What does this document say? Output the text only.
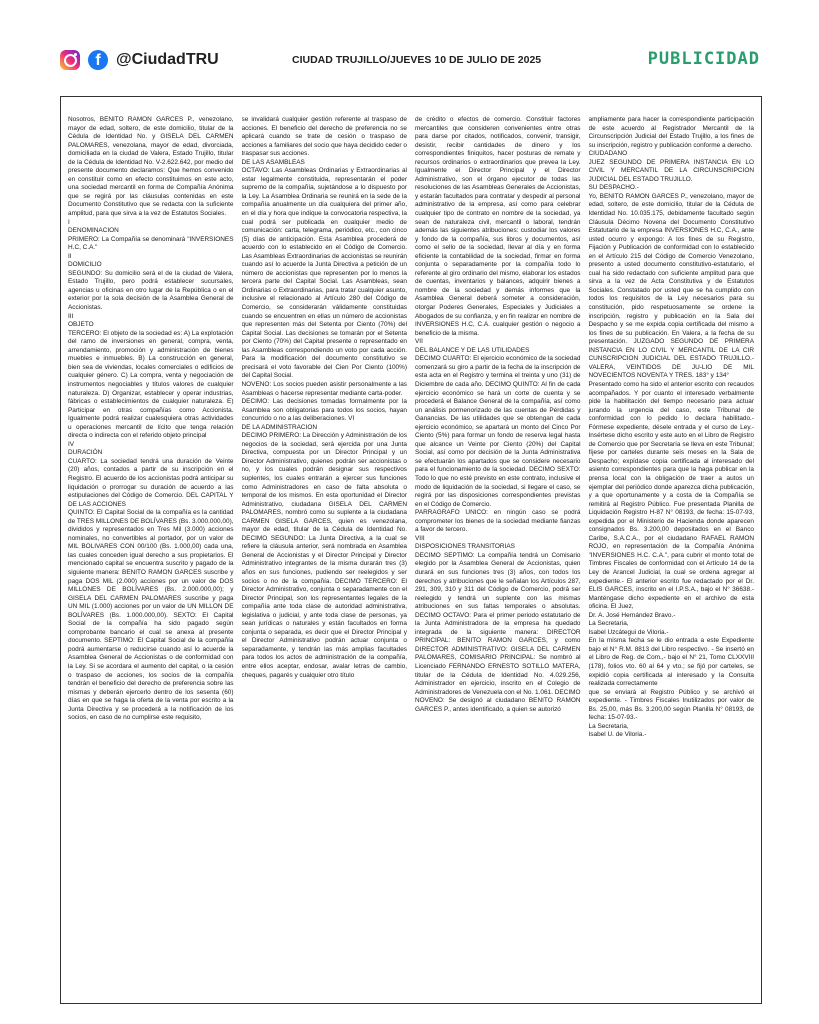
f @CiudadTRU	CIUDAD TRUJILLO/JUEVES 10 DE JULIO DE 2025	PUBLICIDAD

Nosotros, BENITO RAMON GARCES P., venezolano, mayor de edad, soltero, de este domicilio, titular de la Cédula de Identidad No. y GISELA DEL CARMEN PALOMARES, venezolana, mayor de edad, divorciada, domiciliada en la ciudad de Valera, Estado Trujillo, titular de la Cédula de Identidad No. V-2.622.642, por medio del presente documento declaramos: Que hemos convenido en constituir como en efecto constituimos en este acto, una sociedad mercantil en forma de Compañía Anónima que se regirá por las cláusulas contenidas en este Documento Constitutivo que se redacta con la suficiente amplitud, para que sirva a la vez de Estatutos Sociales.

I

DENOMINACION

PRIMERO: La Compañía se denominará "INVERSIONES H.C, C.A."

II

DOMICILIO

SEGUNDO: Su domicilio será el de la ciudad de Valera, Estado Trujillo, pero podrá establecer sucursales, agencias u oficinas en otro lugar de la República o en el exterior por la sola decisión de la Asamblea General de Accionistas.

III

OBJETO

TERCERO: El objeto de la sociedad es: A) La explotación del ramo de inversiones en general, compra, venta, arrendamiento, promoción y administración de bienes muebles e inmuebles. B) La construcción en general, bien sea de viviendas, locales comerciales o edificios de cualquier género. C) La compra, venta y negociación de instrumentos negociables y títulos valores de cualquier naturaleza. D) Organizar, establecer y operar industrias, fábricas o establecimientos de cualquier naturaleza. E) Participar en otras compañías como Accionista. Igualmente podrá realizar cualesquiera otras actividades u operaciones mercantil de lícito que tenga relación directa o indirecta con el referido objeto principal

IV

DURACIÓN

CUARTO: La sociedad tendrá una duración de Veinte (20) años, contados a partir de su inscripción en el Registro. El acuerdo de los accionistas podrá anticipar su liquidación o prorrogar su duración de acuerdo a las estipulaciones del Código de Comercio. DEL CAPITAL Y DE LAS ACCIONES

QUINTO: El Capital Social de la compañía es la cantidad de TRES MILLONES DE BOLÍVARES (Bs. 3.000.000,00), divididos y representados en Tres Mil (3.000) acciones nominales, no convertibles al portador, por un valor de MIL BOLIVARES CON 00/100 (Bs. 1.000,00) cada una, las cuales conceden igual derecho a sus propietarios. El mencionado capital se encuentra suscrito y pagado de la siguiente manera: BENITO RAMON GARCES suscribe y paga DOS MIL (2.000) acciones por un valor de DOS MILLONES DE BOLÍVARES (Bs. 2.000.000,00); y GISELA DEL CARMEN PALOMARES suscribe y paga UN MIL (1.000) acciones por un valor de UN MILLON DE BOLÍVARES (Bs. 1.000.000,00). SEXTO: El Capital Social de la compañía ha sido pagado según comprobante bancario el cual se anexa al presente documento. SEPTIMO: El Capital Social de la compañía podrá aumentarse o reducirse cuando así lo acuerde la Asamblea General de Accionistas o de conformidad con la Ley. Si se acordara el aumento del capital, o la cesión o traspaso de acciones, los socios de la compañía tendrán el beneficio del derecho de preferencia sobre las mismas y deberán ejercerlo dentro de los sesenta (60) días en que se haga la oferta de la venta por escrito a la Junta Directiva y se procederá a la notificación de los socios, en caso de no cumplirse este requisito,

se invalidará cualquier gestión referente al traspaso de acciones. El beneficio del derecho de preferencia no se aplicará cuando se trate de cesión o traspaso de acciones a familiares del socio que haya decidido ceder o traspasar sus acciones.

DE LAS ASAMBLEAS

OCTAVO: Las Asambleas Ordinarias y Extraordinarias al estar legalmente constituida, representarán el poder supremo de la compañía, sujetándose a lo dispuesto por la Ley. La Asamblea Ordinaria se reunirá en la sede de la compañía anualmente un día cualquiera del primer año, en el día y hora que indique la convocatoria respectiva, la cual podrá ser publicada en cualquier medio de comunicación: carta, telegrama, periódico, etc., con cinco (5) días de anticipación. Esta Asamblea procederá de acuerdo con lo establecido en el Código de Comercio. Las Asambleas Extraordinarias de accionistas se reunirán cuando así lo acuerde la Junta Directiva a petición de un número de accionistas que representen por lo menos la tercera parte del Capital Social. Las Asambleas, sean Ordinarias o Extraordinarias, para tratar cualquier asunto, inclusive el relacionado al Artículo 280 del Código de Comercio, se considerarán válidamente constituidas cuando se encuentren en ellas un número de accionistas que representen más del Setenta por Ciento (70%) del Capital Social. Las decisiones se tomarán por el Setenta por Ciento (70%) del Capital presente o representado en las Asambleas correspondiendo un voto por cada acción. Para la modificación del documento constitutivo se precisará el voto favorable del Cien Por Ciento (100%) del Capital Social.

NOVENO: Los socios pueden asistir personalmente a las Asambleas o hacerse representar mediante carta-poder.

DECIMO: Las decisiones tomadas formalmente por la Asamblea son obligatorias para todos los socios, hayan concurrido o no a las deliberaciones. VI

DE LA ADMINISTRACION

DECIMO PRIMERO: La Dirección y Administración de los negocios de la sociedad, será ejercida por una Junta Directiva, compuesta por un Director Principal y un Director Administrativo, quienes podrán ser accionistas o no, y los cuales podrán designar sus respectivos suplentes, los cuales entrarán a ejercer sus funciones como Administradores en caso de falta absoluta o temporal de los mismos. En esta oportunidad el Director Administrativo, ciudadana GISELA DEL CARMEN PALOMARES, nombró como su suplente a la ciudadana CARMEN GISELA GARCES, quien es venezolana, mayor de edad, titular de la Cédula de Identidad No. DECIMO SEGUNDO: La Junta Directiva, a la cual se refiere la cláusula anterior, será nombrada en Asamblea General de Accionistas y el Director Principal y Director Administrativo integrantes de la misma durarán tres (3) años en sus funciones, pudiendo ser reelegidos y ser socios o no de la compañía. DECIMO TERCERO: El Director Administrativo, conjunta o separadamente con el Director Principal, son los representantes legales de la compañía ante toda clase de autoridad administrativa, legislativa o judicial, y ante toda clase de personas, ya sean jurídicas o naturales y están facultados en forma conjunta o separada, es decir que el Director Principal y el Director Administrativo podrán actuar conjunta o separadamente, y tendrán las más amplias facultades para todos los actos de administración de la compañía, entre ellos aceptar, endosar, avalar letras de cambio, cheques, pagarés y cualquier otro título

de crédito o efectos de comercio. Constituir factores mercantiles que consideren convenientes entre otras para darse por citados, notificados, convenir, transigir, desistir, recibir cantidades de dinero y los correspondientes finiquitos, hacer posturas de remate y recursos ordinarios o extraordinarios que prevea la Ley. Igualmente el Director Principal y el Director Administrativo, son el órgano ejecutor de todas las resoluciones de las Asambleas Generales de Accionistas, y estarán facultados para contratar y despedir al personal administrativo de la empresa, así como para celebrar cualquier tipo de contrato en nombre de la sociedad, ya sean de naturaleza civil, mercantil o laboral, tendrán además las siguientes atribuciones: custodiar los valores y fondo de la compañía, sus libros y documentos, así como el sello de la sociedad, llevar al día y en forma eficiente la contabilidad de la sociedad, firmar en forma conjunta o separadamente por la compañía todo lo referente al giro ordinario del mismo, elaborar los estados de cuentas, inventarios y balances, adquirir bienes a nombre de la sociedad y demás informes que la Asamblea General deberá someter a consideración, otorgar Poderes Generales, Especiales y Judiciales a Abogados de su confianza, y en fin realizar en nombre de INVERSIONES H.C, C.A. cualquier gestión o negocio a beneficio de la misma.

VII

DEL BALANCE Y DE LAS UTILIDADES

DECIMO CUARTO: El ejercicio económico de la sociedad comenzará su giro a partir de la fecha de la inscripción de esta acta en el Registro y termina el treinta y uno (31) de Diciembre de cada año. DECIMO QUINTO: Al fin de cada ejercicio económico se hará un corte de cuenta y se procederá el Balance General de la compañía, así como un análisis pormenorizado de las cuentas de Pérdidas y Ganancias. De las utilidades que se obtengan de cada ejercicio económico, se apartará un monto del Cinco Por Ciento (5%) para formar un fondo de reserva legal hasta que alcance un Veinte por Ciento (20%) del Capital Social, así como por decisión de la Junta Administrativa se efectuarán los apartados que se considere necesario para el funcionamiento de la sociedad. DECIMO SEXTO: Todo lo que no esté previsto en este contrato, inclusive el modo de liquidación de la sociedad, si llegare el caso, se regirá por las disposiciones correspondientes previstas en el Código de Comercio.

PARRAGRAFO UNICO: en ningún caso se podrá comprometer los bienes de la sociedad mediante fianzas a favor de tercero.

VIII

DISPOSICIONES TRANSITORIAS

DECIMO SEPTIMO: La compañía tendrá un Comisario elegido por la Asamblea General de Accionistas, quien durará en sus funciones tres (3) años, con todos los derechos y atribuciones que le señalan los Artículos 287, 291, 309, 310 y 311 del Código de Comercio, podrá ser reelegido y tendrá un suplente con las mismas atribuciones en sus faltas temporales o absolutas. DECIMO OCTAVO: Para el primer periodo estatutario de la Junta Administradora de la empresa ha quedado integrada de la siguiente manera: DIRECTOR PRINCIPAL: BENITO RAMON GARCES, y como DIRECTOR ADMINISTRATIVO: GISELA DEL CARMEN PALOMARES, COMISARIO PRINCIPAL: Se nombró al Licenciado FERNANDO ERNESTO SOTILLO MATERA, titular de la Cédula de Identidad No. 4.029.256, Administrador en ejercicio, inscrito en el Colegio de Administradores de Venezuela con el No. 1.061. DECIMO NOVENO: Se designó al ciudadano BENITO RAMON GARCES P., antes identificado, a quien se autorizó

ampliamente para hacer la correspondiente participación de este acuerdo al Registrador Mercantil de la Circunscripción Judicial del Estado Trujillo, a los fines de su inscripción, registro y publicación conforme a derecho.

CIUDADANO

JUEZ SEGUNDO DE PRIMERA INSTANCIA EN LO CIVIL Y MERCANTIL DE LA CIRCUNSCRIPCION JUDICIAL DEL ESTADO TRUJILLO.

SU DESPACHO.-

Yo, BENITO RAMON GARCES P., venezolano, mayor de edad, soltero, de este domicilio, titular de la Cédula de Identidad No. 10.035.175, debidamente facultado según Cláusula Décimo Novena del Documento Constitutivo Estatutario de la empresa INVERSIONES H.C, C.A., ante usted ocurro y expongo: A los fines de su Registro, Fijación y Publicación de conformidad con lo establecido en el Artículo 215 del Código de Comercio Venezolano, presento a usted documento constitutivo-estatutario, el cual ha sido redactado con suficiente amplitud para que sirva a la vez de Acta Constitutiva y de Estatutos Sociales. Constatado por usted que se ha cumplido con todos los requisitos de la Ley necesarios para su constitución, pido respetuosamente se ordene la inscripción, registro y publicación en la Sala del Despacho y se me expida copia certificada del mismo a los fines de su publicación. En Valera, a la fecha de su presentación. JUZGADO SEGUNDO DE PRIMERA INSTANCIA EN LO CIVIL Y MERCANTIL DE LA CIR CUNSCRIPCION JUDICIAL DEL ESTADO TRUJILLO.- VALERA, VEINTIDOS DE JU-LIO DE MIL NOVECIENTOS NOVENTA Y TRES. 183° y 134°

Presentado como ha sido el anterior escrito con recaudos acompañados. Y por cuanto el interesado verbalmente pide la habilitación del tiempo necesario para actuar jurando la urgencia del caso, este Tribunal de conformidad con lo pedido lo declara habilitado.- Fórmese expediente, désele entrada y el curso de Ley.- Insértese dicho escrito y este auto en el Libro de Registro de Comercio que por Secretaría se lleva en este Tribunal; fíjese por carteles durante seis meses en la Sala de Despacho; expídase copia certificada al interesado del asiento correspondientes para que la haga publicar en la prensa local con la obligación de traer a autos un ejemplar del periódico donde aparezca dicha publicación, y a que oportunamente y a costa de la Compañía se remitirá al Registro Público. Fue presentada Planilla de Liquidación Registro H-87 N° 08193, de fecha: 15-07-93, expedida por el Ministerio de Hacienda donde aparecen consignados Bs. 3.200,00 depositados en el Banco Caribe, S.A.C.A., por el ciudadano RAFAEL RAMON ROJO, en representación de la Compañía Anónima "INVERSIONES H.C. C.A.", para cubrir el monto total de Timbres Fiscales de conformidad con el Artículo 14 de la Ley de Arancel Judicial, la cual se ordena agregar al expediente.- El anterior escrito fue redactado por el Dr. ELIS GARCES, inscrito en el I.P.S.A., bajo el N° 36638.- Manténgase dicho expediente en el archivo de esta oficina. El Juez,

Dr. A. José Hernández Bravo.-

La Secretaria,

Isabel Uzcátegui de Viloria.-

En la misma fecha se le dio entrada a este Expediente bajo el N° R.M. 8813 del Libro respectivo. - Se insertó en el Libro de Reg. de Com.,- bajo el N° 21, Tomo CLXXVIII (178), folios vto. 60 al 64 y vto.; se fijó por carteles, se expidió copia certificada al interesado y la Consulta realizada correctamente

que se enviará al Registro Público y se archivó el expediente. - Timbres Fiscales Inutilizados por valor de Bs. 25,00, más Bs. 3.200,00 según Planilla N° 08193, de fecha: 15-07-93.-

La Secretaria,

Isabel U. de Viloria.-
